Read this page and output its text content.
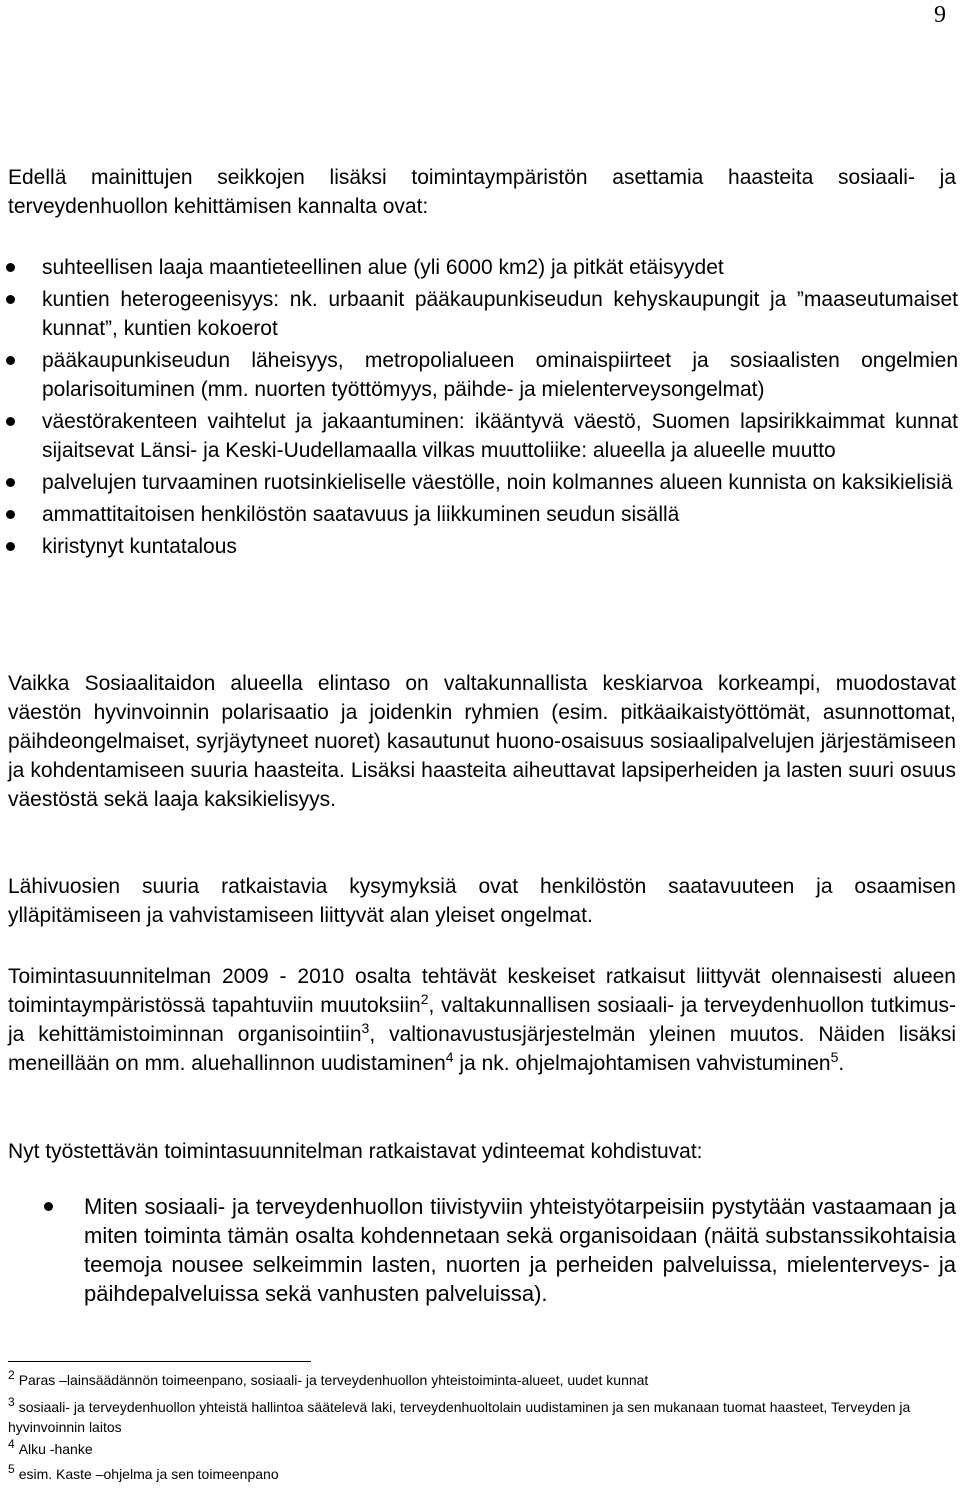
9
Edellä mainittujen seikkojen lisäksi toimintaympäristön asettamia haasteita sosiaali- ja terveydenhuollon kehittämisen kannalta ovat:
suhteellisen laaja maantieteellinen alue (yli 6000 km2) ja pitkät etäisyydet
kuntien heterogeenisyys: nk. urbaanit pääkaupunkiseudun kehyskaupungit ja ”maaseutumaiset kunnat”, kuntien kokoerot
pääkaupunkiseudun läheisyys, metropolialueen ominaispiirteet ja sosiaalisten ongelmien polarisoituminen (mm. nuorten työttömyys, päihde- ja mielenterveysongelmat)
väestörakenteen vaihtelut ja jakaantuminen: ikääntyvä väestö, Suomen lapsirikkaimmat kunnat sijaitsevat Länsi- ja Keski-Uudellamaalla vilkas muuttoliike: alueella ja alueelle muutto
palvelujen turvaaminen ruotsinkieliselle väestölle, noin kolmannes alueen kunnista on kaksikielisiä
ammattitaitoisen henkilöstön saatavuus ja liikkuminen seudun sisällä
kiristynyt kuntatalous
Vaikka Sosiaalitaidon alueella elintaso on valtakunnallista keskiarvoa korkeampi, muodostavat väestön hyvinvoinnin polarisaatio ja joidenkin ryhmien (esim. pitkäaikaistyöttömät, asunnottomat, päihdeongelmaiset, syrjäytyneet nuoret) kasautunut huono-osaisuus sosiaalipalvelujen järjestämiseen ja kohdentamiseen suuria haasteita. Lisäksi haasteita aiheuttavat lapsiperheiden ja lasten suuri osuus väestöstä sekä laaja kaksikielisyys.
Lähivuosien suuria ratkaistavia kysymyksiä ovat henkilöstön saatavuuteen ja osaamisen ylläpitämiseen ja vahvistamiseen liittyvät alan yleiset ongelmat.
Toimintasuunnitelman 2009 - 2010 osalta tehtävät keskeiset ratkaisut liittyvät olennaisesti alueen toimintaympäristössä tapahtuviin muutoksiin$^2$, valtakunnallisen sosiaali- ja terveydenhuollon tutkimus- ja kehittämistoiminnan organisointiin$^3$, valtionavustusjärjestelmän yleinen muutos. Näiden lisäksi meneillään on mm. aluehallinnon uudistaminen$^4$ ja nk. ohjelmajohtamisen vahvistuminen$^5$.
Nyt työstettävän toimintasuunnitelman ratkaistavat ydinteemat kohdistuvat:
Miten sosiaali- ja terveydenhuollon tiivistyviin yhteistyötarpeisiin pystytään vastaamaan ja miten toiminta tämän osalta kohdennetaan sekä organisoidaan (näitä substanssikohtaisia teemoja nousee selkeimmin lasten, nuorten ja perheiden palveluissa, mielenterveys- ja päihdepalveluissa sekä vanhusten palveluissa).
2 Paras –lainsäädännön toimeenpano, sosiaali- ja terveydenhuollon yhteistoiminta-alueet, uudet kunnat
3 sosiaali- ja terveydenhuollon yhteistä hallintoa säätelevä laki, terveydenhuoltolain uudistaminen ja sen mukanaan tuomat haasteet, Terveyden ja hyvinvoinnin laitos
4 Alku -hanke
5 esim. Kaste –ohjelma ja sen toimeenpano
